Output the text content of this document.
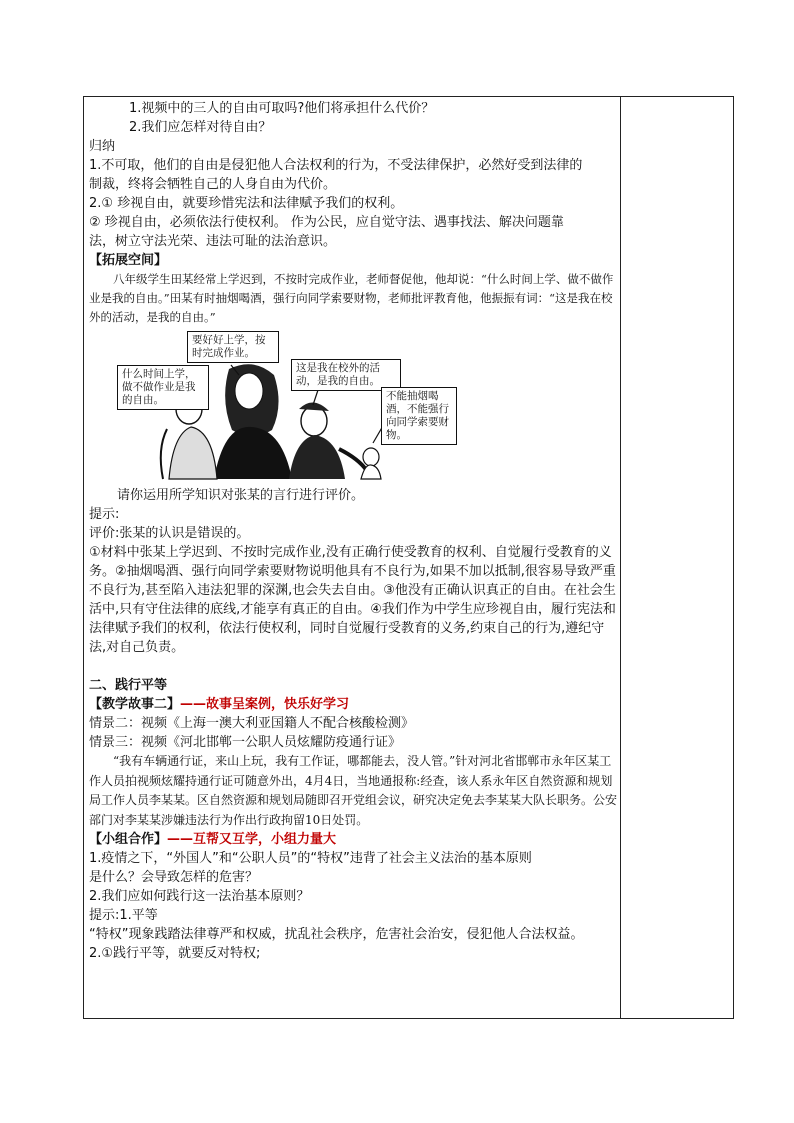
1.视频中的三人的自由可取吗?他们将承担什么代价？
2.我们应怎样对待自由？
归纳
1.不可取，他们的自由是侵犯他人合法权利的行为，不受法律保护，必然好受到法律的
制裁，终将会牺牲自己的人身自由为代价。
2.① 珍视自由，就要珍惜宪法和法律赋予我们的权利。
② 珍视自由，必须依法行使权利。 作为公民，应自觉守法、遇事找法、解决问题靠
法，树立守法光荣、违法可耻的法治意识。
【拓展空间】
八年级学生田某经常上学迟到，不按时完成作业，老师督促他，他却说：“什么时间上学、做不做作业是我的自由。”田某有时抽烟喝酒，强行向同学索要财物，老师批评教育他，他振振有词：“这是我在校外的活动，是我的自由。”
要好好上学，按时完成作业。
什么时间上学，做不做作业是我的自由。
这是我在校外的活动，是我的自由。
不能抽烟喝酒，不能强行向同学索要财物。
请你运用所学知识对张某的言行进行评价。
提示:
评价:张某的认识是错误的。
①材料中张某上学迟到、不按时完成作业,没有正确行使受教育的权利、自觉履行受教育的义务。②抽烟喝酒、强行向同学索要财物说明他具有不良行为,如果不加以抵制,很容易导致严重不良行为,甚至陷入违法犯罪的深渊,也会失去自由。③他没有正确认识真正的自由。在社会生活中,只有守住法律的底线,才能享有真正的自由。④我们作为中学生应珍视自由，履行宪法和法律赋予我们的权利，依法行使权利，同时自觉履行受教育的义务,约束自己的行为,遵纪守法,对自己负责。
二、践行平等
【教学故事二】——故事呈案例，快乐好学习
情景二：视频《上海一澳大利亚国籍人不配合核酸检测》
情景三：视频《河北邯郸一公职人员炫耀防疫通行证》
“我有车辆通行证，来山上玩，我有工作证，哪都能去，没人管。”针对河北省邯郸市永年区某工作人员拍视频炫耀持通行证可随意外出，4月4日，当地通报称:经查，该人系永年区自然资源和规划局工作人员李某某。区自然资源和规划局随即召开党组会议，研究决定免去李某某大队长职务。公安部门对李某某涉嫌违法行为作出行政拘留10日处罚。
【小组合作】——互帮又互学，小组力量大
1.疫情之下，“外国人”和“公职人员”的“特权”违背了社会主义法治的基本原则
是什么？会导致怎样的危害？
2.我们应如何践行这一法治基本原则？
提示:1.平等
“特权”现象践踏法律尊严和权威，扰乱社会秩序，危害社会治安，侵犯他人合法权益。
2.①践行平等，就要反对特权;
